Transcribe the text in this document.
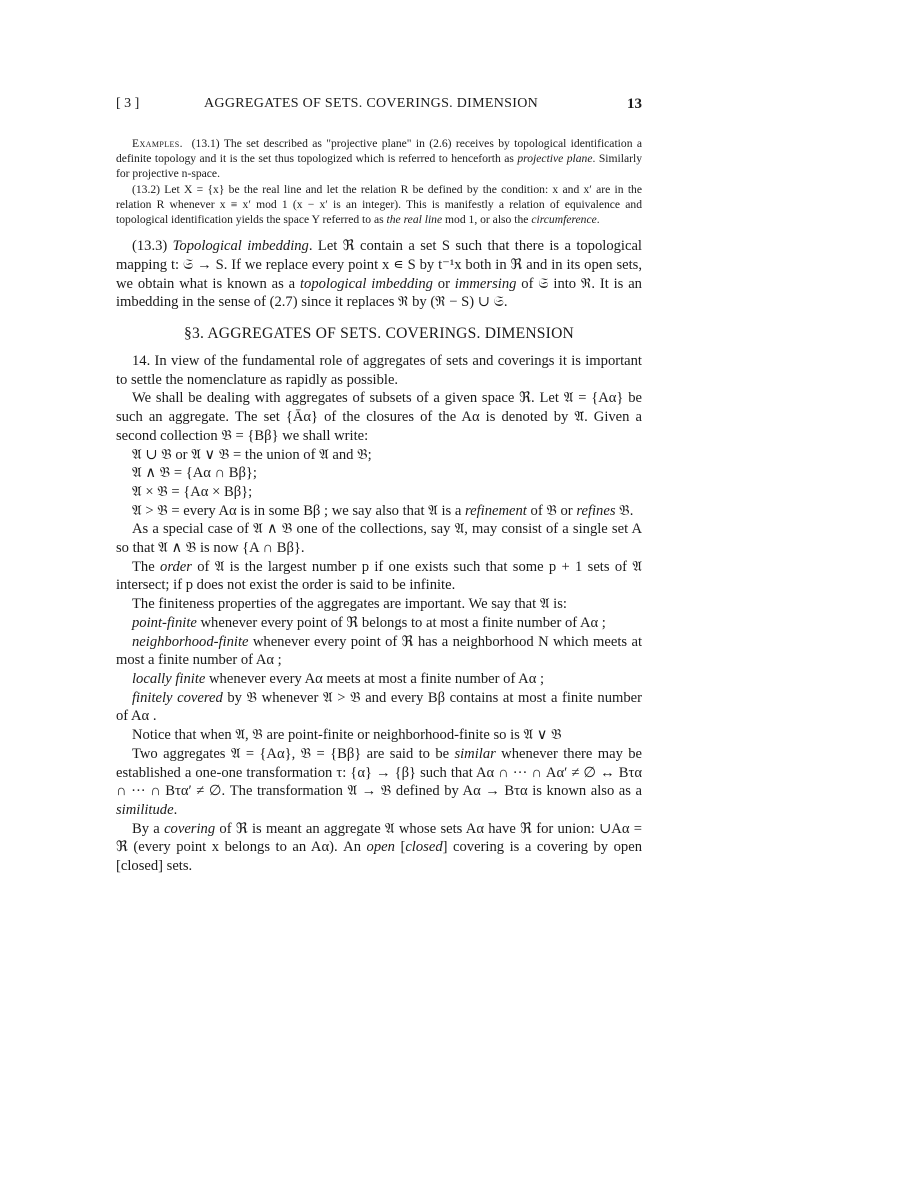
[ 3 ]	AGGREGATES OF SETS. COVERINGS. DIMENSION	13

Examples. (13.1) The set described as "projective plane" in (2.6) receives by topological identification a definite topology and it is the set thus topologized which is referred to henceforth as projective plane. Similarly for projective n-space.

(13.2) Let X = {x} be the real line and let the relation R be defined by the condition: x and x′ are in the relation R whenever x ≡ x′ mod 1 (x − x′ is an integer). This is manifestly a relation of equivalence and topological identification yields the space Y referred to as the real line mod 1, or also the circumference.

(13.3) Topological imbedding. Let ℜ contain a set S such that there is a topological mapping t: 𝔖 → S. If we replace every point x ∊ S by t⁻¹x both in ℜ and in its open sets, we obtain what is known as a topological imbedding or immersing of 𝔖 into ℜ. It is an imbedding in the sense of (2.7) since it replaces ℜ by (ℜ − S) ∪ 𝔖.

§3. AGGREGATES OF SETS. COVERINGS. DIMENSION

14. In view of the fundamental role of aggregates of sets and coverings it is important to settle the nomenclature as rapidly as possible.

We shall be dealing with aggregates of subsets of a given space ℜ. Let 𝔄 = {Aα} be such an aggregate. The set {Āα} of the closures of the Aα is denoted by 𝔄̄. Given a second collection 𝔅 = {Bβ} we shall write:

𝔄 ∪ 𝔅 or 𝔄 ∨ 𝔅 = the union of 𝔄 and 𝔅;

𝔄 ∧ 𝔅 = {Aα ∩ Bβ};

𝔄 × 𝔅 = {Aα × Bβ};

𝔄 > 𝔅 = every Aα is in some Bβ ; we say also that 𝔄 is a refinement of 𝔅 or refines 𝔅.

As a special case of 𝔄 ∧ 𝔅 one of the collections, say 𝔄, may consist of a single set A so that 𝔄 ∧ 𝔅 is now {A ∩ Bβ}.

The order of 𝔄 is the largest number p if one exists such that some p + 1 sets of 𝔄 intersect; if p does not exist the order is said to be infinite.

The finiteness properties of the aggregates are important. We say that 𝔄 is:

point-finite whenever every point of ℜ belongs to at most a finite number of Aα ;

neighborhood-finite whenever every point of ℜ has a neighborhood N which meets at most a finite number of Aα ;

locally finite whenever every Aα meets at most a finite number of Aα ;

finitely covered by 𝔅 whenever 𝔄 > 𝔅 and every Bβ contains at most a finite number of Aα .

Notice that when 𝔄, 𝔅 are point-finite or neighborhood-finite so is 𝔄 ∨ 𝔅

Two aggregates 𝔄 = {Aα}, 𝔅 = {Bβ} are said to be similar whenever there may be established a one-one transformation τ: {α} → {β} such that Aα ∩ ··· ∩ Aα′ ≠ ∅ ↔ Bτα ∩ ··· ∩ Bτα′ ≠ ∅. The transformation 𝔄 → 𝔅 defined by Aα → Bτα is known also as a similitude.

By a covering of ℜ is meant an aggregate 𝔄 whose sets Aα have ℜ for union: ∪Aα = ℜ (every point x belongs to an Aα). An open [closed] covering is a covering by open [closed] sets.
